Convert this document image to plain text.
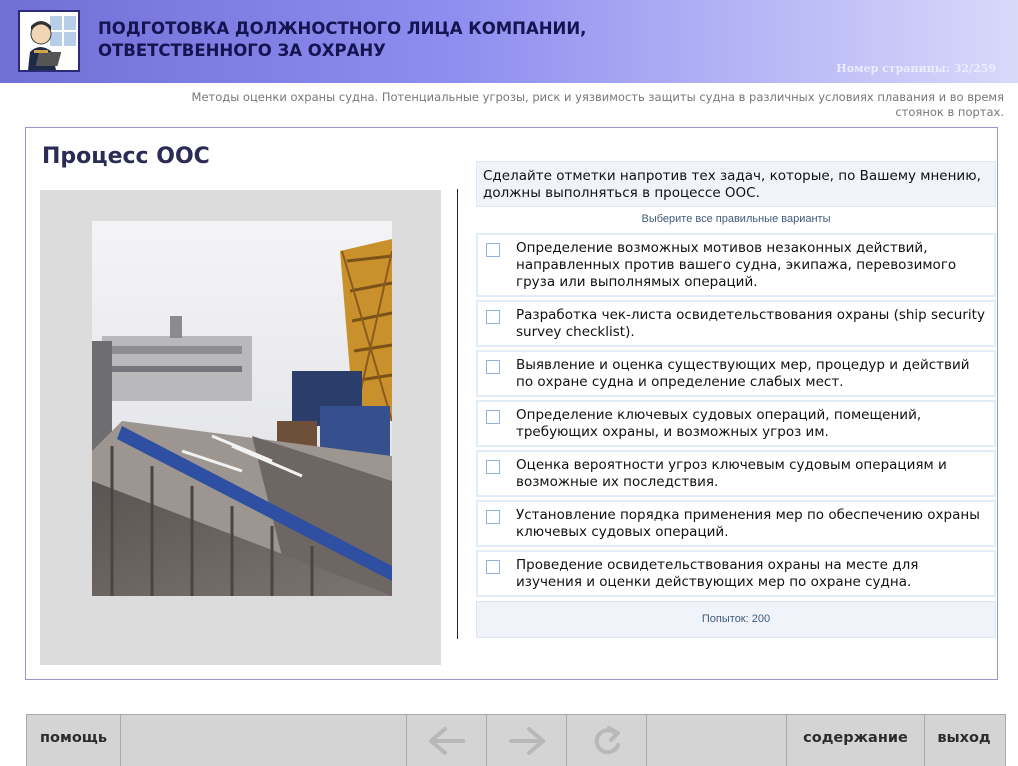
ПОДГОТОВКА ДОЛЖНОСТНОГО ЛИЦА КОМПАНИИ,
ОТВЕТСТВЕННОГО ЗА ОХРАНУ
Номер страницы: 32/259
Методы оценки охраны судна. Потенциальные угрозы, риск и уязвимость защиты судна в различных условиях плавания и во время стоянок в портах.
Процесс ООС
Сделайте отметки напротив тех задач, которые, по Вашему мнению, должны выполняться в процессе ООС.
Выберите все правильные варианты
Определение возможных мотивов незаконных действий, направленных против вашего судна, экипажа, перевозимого груза или выполнямых операций.
Разработка чек-листа освидетельствования охраны (ship security survey checklist).
Выявление и оценка существующих мер, процедур и действий по охране судна и определение слабых мест.
Определение ключевых судовых операций, помещений, требующих охраны, и возможных угроз им.
Оценка вероятности угроз ключевым судовым операциям и возможные их последствия.
Установление порядка применения мер по обеспечению охраны ключевых судовых операций.
Проведение освидетельствования охраны на месте для изучения и оценки действующих мер по охране судна.
Попыток: 200
помощь	содержание	выход
